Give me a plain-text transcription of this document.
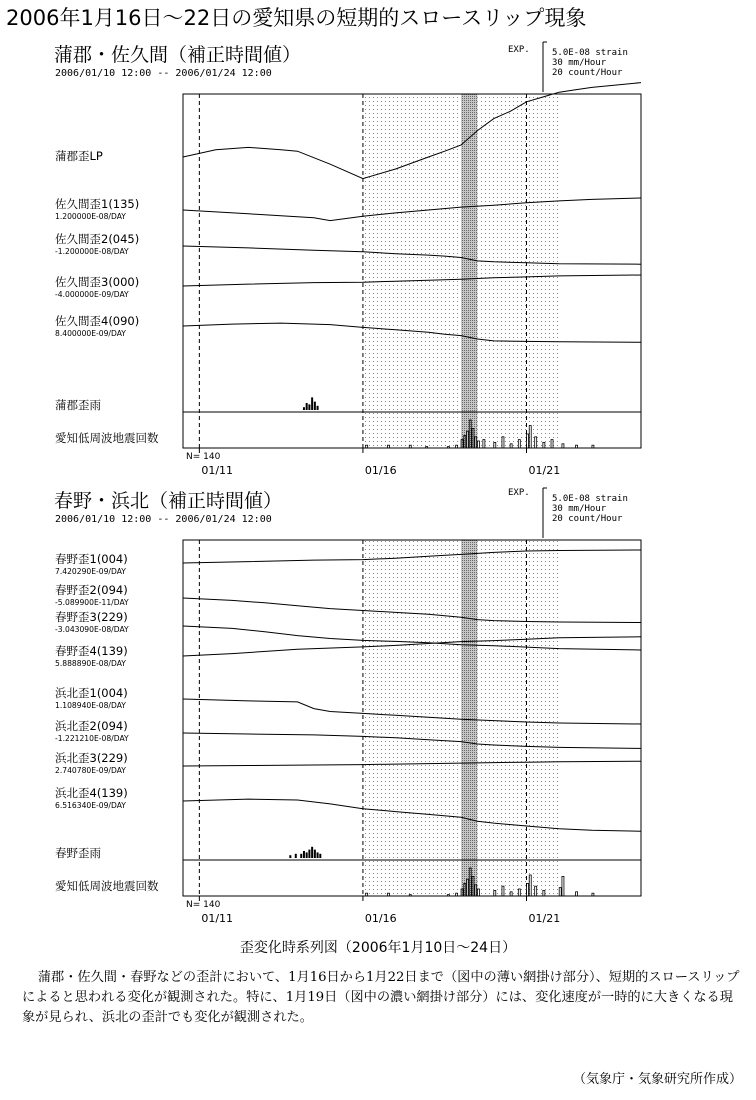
2006年1月16日～22日の愛知県の短期的スロースリップ現象
蒲郡・佐久間（補正時間値）
2006/01/10 12:00 -- 2006/01/24 12:00
EXP. 5.0E-08 strain
30 mm/Hour
20 count/Hour
春野・浜北（補正時間値）
2006/01/10 12:00 -- 2006/01/24 12:00
EXP.
5.0E-08 strain
30 mm/Hour
20 count/Hour
01/11	01/16	01/21
蒲郡歪LP
佐久間歪1(135)
1.200000E-08/DAY
佐久間歪2(045)
-1.200000E-08/DAY
佐久間歪3(000)
-4.000000E-09/DAY
佐久間歪4(090)
8.400000E-09/DAY
蒲郡歪雨
愛知低周波地震回数
N= 140
01/11	01/16	01/21
春野歪1(004)
7.420290E-09/DAY
春野歪2(094)
-5.089900E-11/DAY
春野歪3(229)
-3.043090E-08/DAY
春野歪4(139)
5.888890E-08/DAY
浜北歪1(004)
1.108940E-08/DAY
浜北歪2(094)
-1.221210E-08/DAY
浜北歪3(229)
2.740780E-09/DAY
浜北歪4(139)
6.516340E-09/DAY
春野歪雨
愛知低周波地震回数
N= 140
歪変化時系列図（2006年1月10日～24日）
蒲郡・佐久間・春野などの歪計において、1月16日から1月22日まで（図中の薄い網掛け部分）、短期的スロースリップによると思われる変化が観測された。特に、1月19日（図中の濃い網掛け部分）には、変化速度が一時的に大きくなる現象が見られ、浜北の歪計でも変化が観測された。
（気象庁・気象研究所作成）
